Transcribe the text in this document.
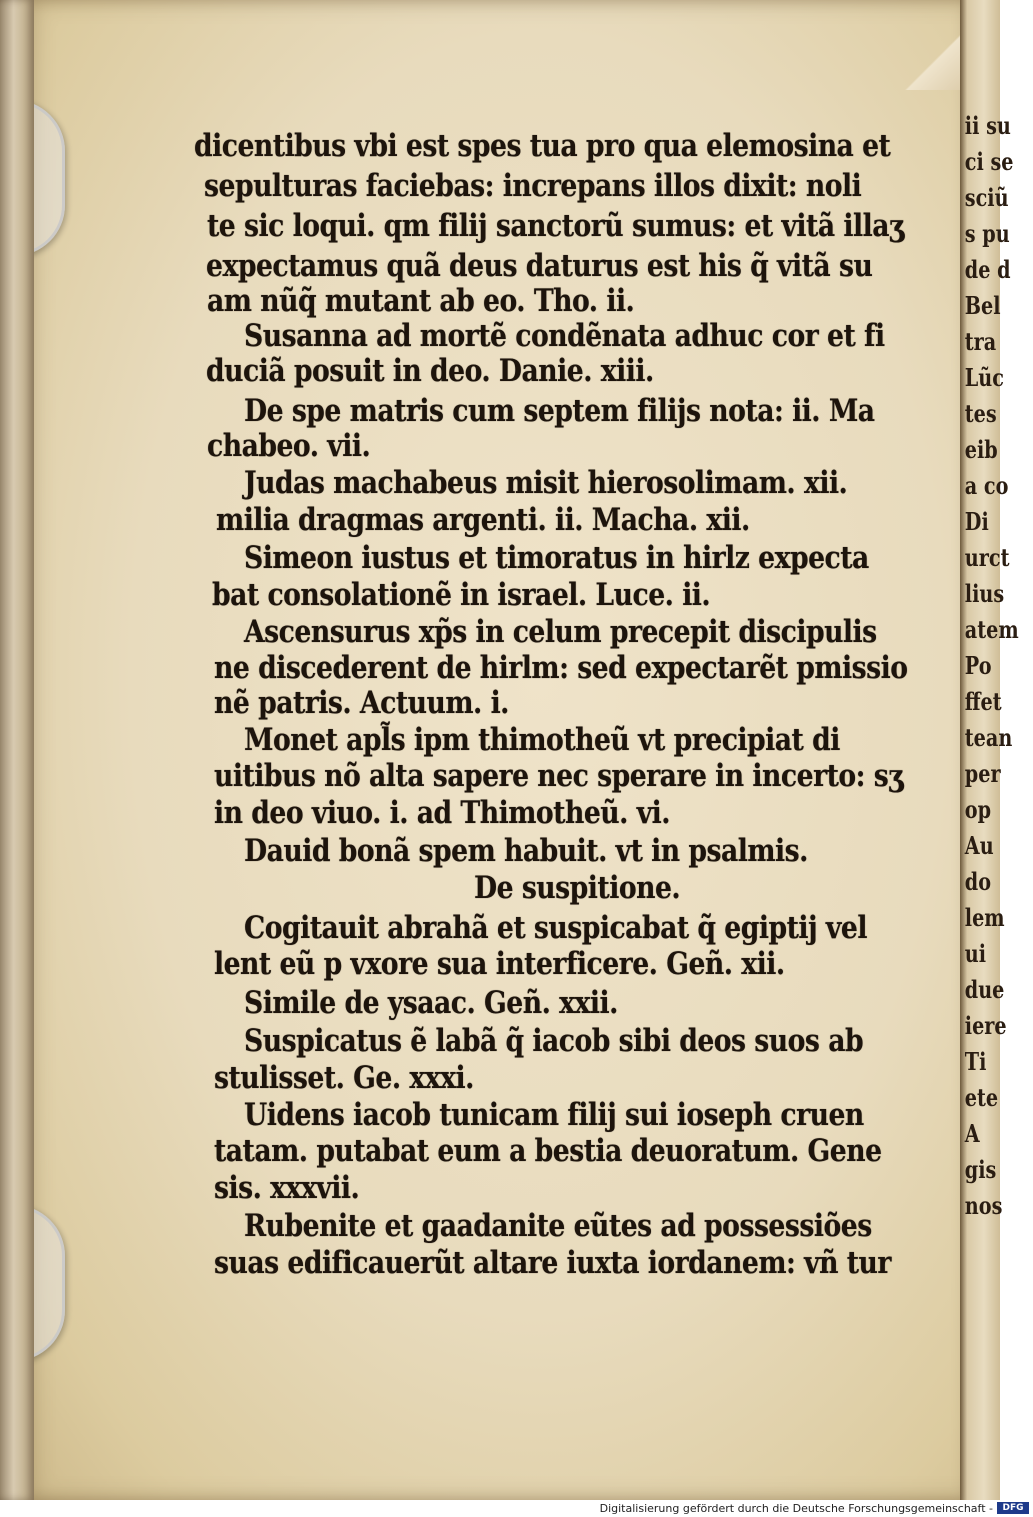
dicentibus vbi est spes tua pro qua elemosina et
sepulturas faciebas: increpans illos dixit: noli
te sic loqui. qm filij sanctorũ sumus: et vitã illaʒ
expectamus quã deus daturus est his q̃ vitã su
am nũq̃ mutant ab eo. Tho. ii.
Susanna ad mortẽ condẽnata adhuc cor et fi
duciã posuit in deo. Danie. xiii.
De spe matris cum septem filijs nota: ii. Ma
chabeo. vii.
Judas machabeus misit hierosolimam. xii.
milia dragmas argenti. ii. Macha. xii.
Simeon iustus et timoratus in hirlz expecta
bat consolationẽ in israel. Luce. ii.
Ascensurus xp̃s in celum precepit discipulis
ne discederent de hirlm: sed expectarẽt pmissio
nẽ patris. Actuum. i.
Monet apl̃s ipm thimotheũ vt precipiat di
uitibus nõ alta sapere nec sperare in incerto: sʒ
in deo viuo. i. ad Thimotheũ. vi.
Dauid bonã spem habuit. vt in psalmis.
De suspitione.
Cogitauit abrahã et suspicabat q̃ egiptij vel
lent eũ p vxore sua interficere. Geñ. xii.
Simile de ysaac. Geñ. xxii.
Suspicatus ẽ labã q̃ iacob sibi deos suos ab
stulisset. Ge. xxxi.
Uidens iacob tunicam filij sui ioseph cruen
tatam. putabat eum a bestia deuoratum. Gene
sis. xxxvii.
Rubenite et gaadanite eũtes ad possessiões
suas edificauerũt altare iuxta iordanem: vñ tur
ii su
ci se
sciũ
s pu
de d
Bel
tra
Lũc
tes
eib
a co
Di
urct
lius
atem
Po
ffet
tean
per
op
Au
do
lem
ui
due
iere
Ti
ete
A
gis
nos
Digitalisierung gefördert durch die Deutsche Forschungsgemeinschaft -	DFG
